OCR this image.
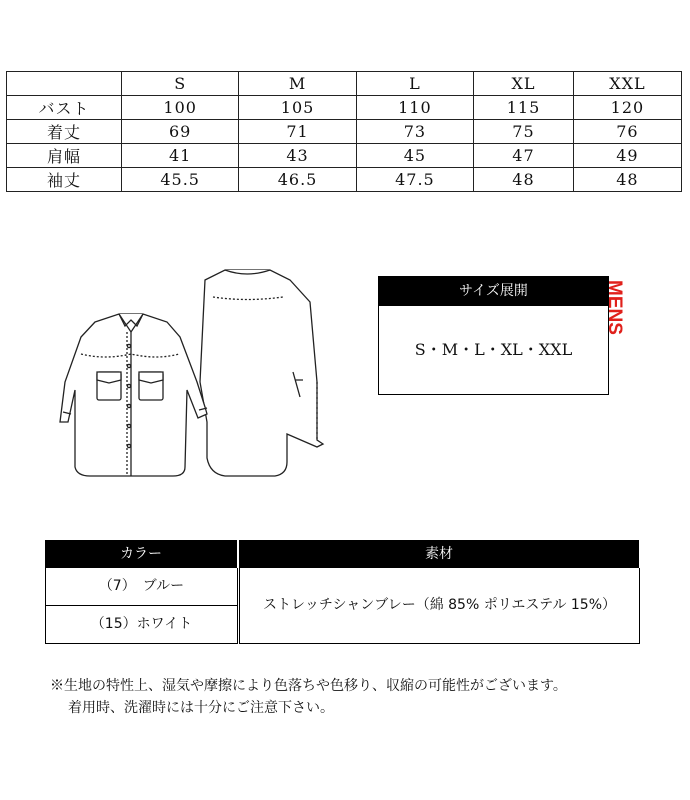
	S	M	L	XL	XXL
バスト	100	105	110	115	120
着丈	69	71	73	75	76
肩幅	41	43	45	47	49
袖丈	45.5	46.5	47.5	48	48
サイズ展開
S・M・L・XL・XXL
MENS
カラー	素材
（7）　ブルー
（15）ホワイト
ストレッチシャンブレー（綿 85% ポリエステル 15%）
※生地の特性上、湿気や摩擦により色落ちや色移り、収縮の可能性がございます。
着用時、洗濯時には十分にご注意下さい。
